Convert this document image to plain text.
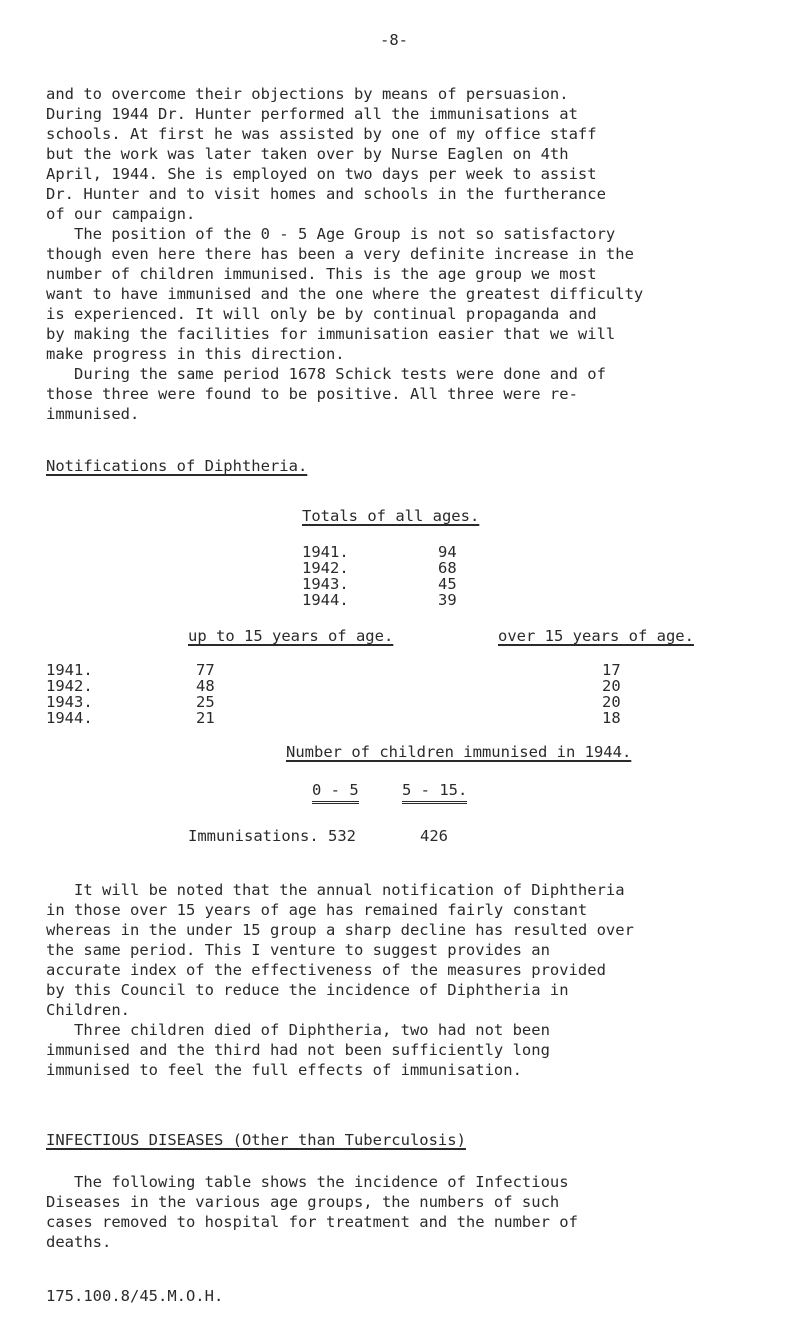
-8-
and to overcome their objections by means of persuasion.
During 1944 Dr. Hunter performed all the immunisations at
schools. At first he was assisted by one of my office staff
but the work was later taken over by Nurse Eaglen on 4th
April, 1944. She is employed on two days per week to assist
Dr. Hunter and to visit homes and schools in the furtherance
of our campaign.
The position of the 0 - 5 Age Group is not so satisfactory
though even here there has been a very definite increase in the
number of children immunised. This is the age group we most
want to have immunised and the one where the greatest difficulty
is experienced. It will only be by continual propaganda and
by making the facilities for immunisation easier that we will
make progress in this direction.
During the same period 1678 Schick tests were done and of
those three were found to be positive. All three were re-
immunised.
Notifications of Diphtheria.
Totals of all ages.
1941.	94
1942.	68
1943.	45
1944.	39
up to 15 years of age.	over 15 years of age.
1941.	77	17
1942.	48	20
1943.	25	20
1944.	21	18
Number of children immunised in 1944.
0 - 5	5 - 15.
Immunisations. 532	426
It will be noted that the annual notification of Diphtheria
in those over 15 years of age has remained fairly constant
whereas in the under 15 group a sharp decline has resulted over
the same period. This I venture to suggest provides an
accurate index of the effectiveness of the measures provided
by this Council to reduce the incidence of Diphtheria in
Children.
Three children died of Diphtheria, two had not been
immunised and the third had not been sufficiently long
immunised to feel the full effects of immunisation.
INFECTIOUS DISEASES (Other than Tuberculosis)
The following table shows the incidence of Infectious
Diseases in the various age groups, the numbers of such
cases removed to hospital for treatment and the number of
deaths.
175.100.8/45.M.O.H.
